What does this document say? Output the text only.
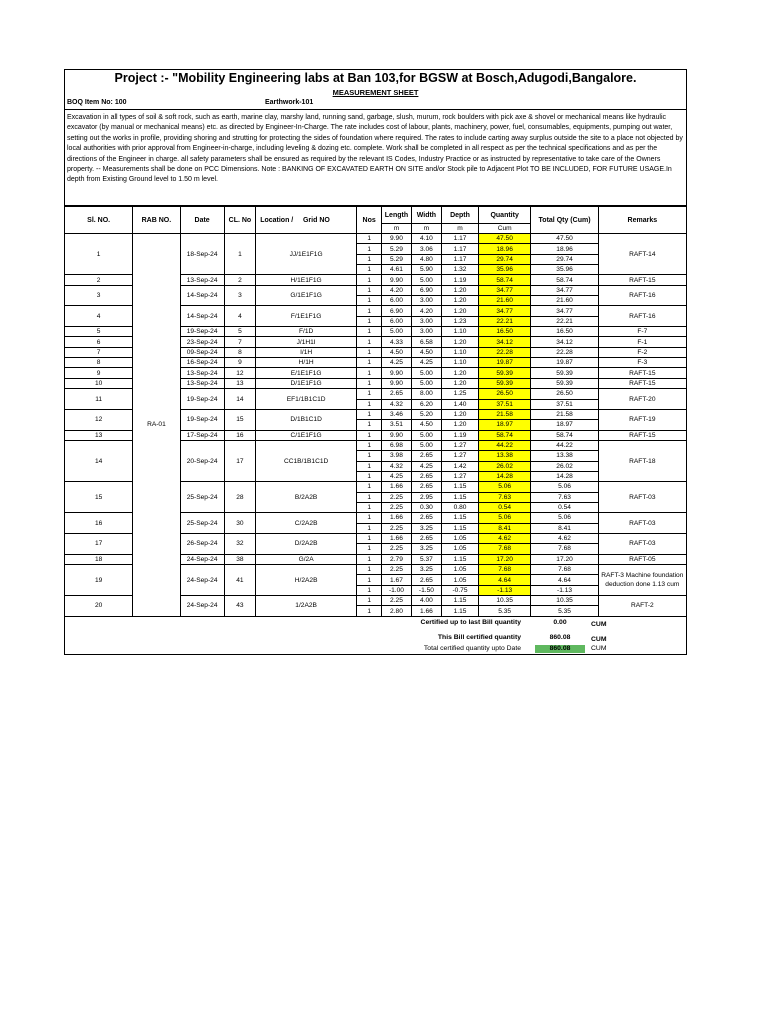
Project :- "Mobility Engineering labs at Ban 103,for BGSW at Bosch,Adugodi,Bangalore.
MEASUREMENT SHEET
BOQ Item No: 100	Earthwork-101
Excavation in all types of soil & soft rock, such as earth, marine clay, marshy land, running sand, garbage, slush, murum, rock boulders with pick axe & shovel or mechanical means like hydraulic excavator (by manual or mechanical means) etc. as directed by Engineer-In-Charge. The rate includes cost of labour, plants, machinery, power, fuel, consumables, equipments, pumping out water, setting out the works in profile, providing shoring and strutting for protecting the sides of foundation where required. The rates to include carting away surplus outside the site to a place not objected by local authorities with prior approval from Engineer-in-charge, including leveling & dozing etc. complete. Work shall be completed in all respect as per the technical specifications and as per the directions of the Engineer in charge. all safety parameters shall be ensured as required by the relevant IS Codes, Industry Practice or as instructed by representative to take care of the Owners property. -- Measurements shall be done on PCC Dimensions. Note : BANKING OF EXCAVATED EARTH ON SITE and/or Stock pile to Adjacent Plot TO BE INCLUDED, FOR FUTURE USAGE.In depth from Existing Ground level to 1.50 m level.
Sl. NO.	RAB NO.	Date	CL. No	Location / Grid NO	Nos	Length	Width	Depth	Quantity	Total Qty (Cum)	Remarks
						m	m	m	Cum		
1	RA-01	18-Sep-24	1	JJ/1E1F1G	1	9.90	4.10	1.17	47.50	47.50	RAFT-14
					1	5.29	3.06	1.17	18.96	18.96	
					1	5.29	4.80	1.17	29.74	29.74	
					1	4.61	5.90	1.32	35.96	35.96	
2		13-Sep-24	2	H/1E1F1G	1	9.90	5.00	1.19	58.74	58.74	RAFT-15
3		14-Sep-24	3	G/1E1F1G	1	4.20	6.90	1.20	34.77	34.77	RAFT-16
					1	6.00	3.00	1.20	21.60	21.60	
4		14-Sep-24	4	F/1E1F1G	1	6.90	4.20	1.20	34.77	34.77	RAFT-16
					1	6.00	3.00	1.23	22.21	22.21	
5		19-Sep-24	5	F/1D	1	5.00	3.00	1.10	16.50	16.50	F-7
6		23-Sep-24	7	J/1H1I	1	4.33	6.58	1.20	34.12	34.12	F-1
7		09-Sep-24	8	I/1H	1	4.50	4.50	1.10	22.28	22.28	F-2
8		16-Sep-24	9	H/1H	1	4.25	4.25	1.10	19.87	19.87	F-3
9		13-Sep-24	12	E/1E1F1G	1	9.90	5.00	1.20	59.39	59.39	RAFT-15
10		13-Sep-24	13	D/1E1F1G	1	9.90	5.00	1.20	59.39	59.39	RAFT-15
11		19-Sep-24	14	EF1/1B1C1D	1	2.65	8.00	1.25	26.50	26.50	RAFT-20
					1	4.32	6.20	1.40	37.51	37.51	
12		19-Sep-24	15	D/1B1C1D	1	3.46	5.20	1.20	21.58	21.58	RAFT-19
					1	3.51	4.50	1.20	18.97	18.97	
13		17-Sep-24	16	C/1E1F1G	1	9.90	5.00	1.19	58.74	58.74	RAFT-15
14		20-Sep-24	17	CC1B/1B1C1D	1	6.98	5.00	1.27	44.22	44.22	RAFT-18
					1	3.98	2.65	1.27	13.38	13.38	
					1	4.32	4.25	1.42	26.02	26.02	
					1	4.25	2.65	1.27	14.28	14.28	
15		25-Sep-24	28	B/2A2B	1	1.66	2.65	1.15	5.06	5.06	RAFT-03
					1	2.25	2.95	1.15	7.63	7.63	
					1	2.25	0.30	0.80	0.54	0.54	
16		25-Sep-24	30	C/2A2B	1	1.66	2.65	1.15	5.06	5.06	RAFT-03
					1	2.25	3.25	1.15	8.41	8.41	
17		26-Sep-24	32	D/2A2B	1	1.66	2.65	1.05	4.62	4.62	RAFT-03
					1	2.25	3.25	1.05	7.68	7.68	
18		24-Sep-24	38	G/2A	1	2.79	5.37	1.15	17.20	17.20	RAFT-05
19		24-Sep-24	41	H/2A2B	1	2.25	3.25	1.05	7.68	7.68	RAFT-3 Machine foundation deduction done 1.13 cum
					1	1.67	2.65	1.05	4.64	4.64	
					1	-1.00	-1.50	-0.75	-1.13	-1.13	
20		24-Sep-24	43	1/2A2B	1	2.25	4.00	1.15	10.35	10.35	RAFT-2
					1	2.80	1.66	1.15	5.35	5.35	
Certified up to last Bill quantity	0.00	CUM
This Bill certified quantity	860.08	CUM
Total certified quantity upto Date	860.08	CUM
